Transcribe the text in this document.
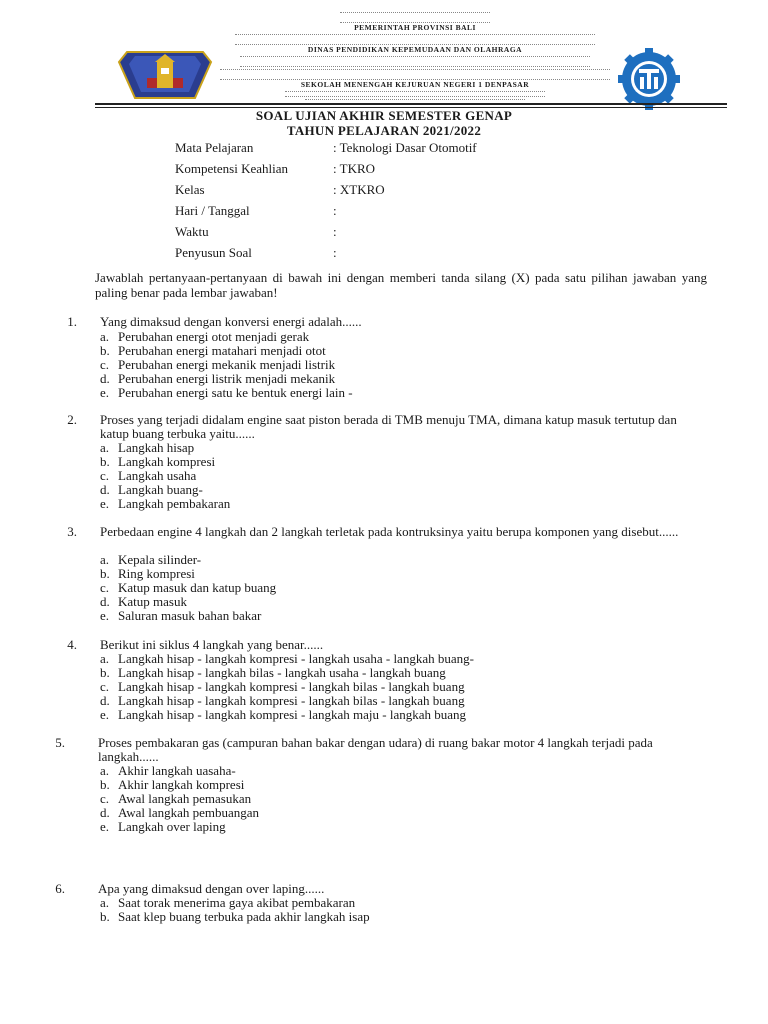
PEMERINTAH PROVINSI BALI
DINAS PENDIDIKAN KEPEMUDAAN DAN OLAHRAGA
SEKOLAH MENENGAH KEJURUAN NEGERI 1 DENPASAR
SOAL UJIAN AKHIR SEMESTER GENAP
TAHUN PELAJARAN 2021/2022
Mata Pelajaran	: Teknologi Dasar Otomotif
Kompetensi Keahlian	: TKRO
Kelas	: XTKRO
Hari / Tanggal	:
Waktu	:
Penyusun Soal	:
Jawablah pertanyaan-pertanyaan di bawah ini dengan memberi tanda silang (X) pada satu pilihan jawaban yang paling benar pada lembar jawaban!
1. Yang dimaksud dengan konversi energi adalah......
a. Perubahan energi otot menjadi gerak
b. Perubahan energi matahari menjadi otot
c. Perubahan energi mekanik menjadi listrik
d. Perubahan energi listrik menjadi mekanik
e. Perubahan energi satu ke bentuk energi lain -
2. Proses yang terjadi didalam engine saat piston berada di TMB menuju TMA, dimana katup masuk tertutup dan katup buang terbuka yaitu......
a. Langkah hisap
b. Langkah kompresi
c. Langkah usaha
d. Langkah buang-
e. Langkah pembakaran
3. Perbedaan engine 4 langkah dan 2 langkah terletak pada kontruksinya yaitu berupa komponen yang disebut......
a. Kepala silinder-
b. Ring kompresi
c. Katup masuk dan katup buang
d. Katup masuk
e. Saluran masuk bahan bakar
4. Berikut ini siklus 4 langkah yang benar......
a. Langkah hisap - langkah kompresi - langkah usaha - langkah buang-
b. Langkah hisap - langkah bilas - langkah usaha - langkah buang
c. Langkah hisap - langkah kompresi - langkah bilas - langkah buang
d. Langkah hisap - langkah kompresi - langkah bilas - langkah buang
e. Langkah hisap - langkah kompresi - langkah maju - langkah buang
5.	Proses pembakaran gas (campuran bahan bakar dengan udara) di ruang bakar motor 4 langkah terjadi pada langkah......
a. Akhir langkah uasaha-
b. Akhir langkah kompresi
c. Awal langkah pemasukan
d. Awal langkah pembuangan
e. Langkah over laping
6.	Apa yang dimaksud dengan over laping......
a. Saat torak menerima gaya akibat pembakaran
b. Saat klep buang terbuka pada akhir langkah isap
